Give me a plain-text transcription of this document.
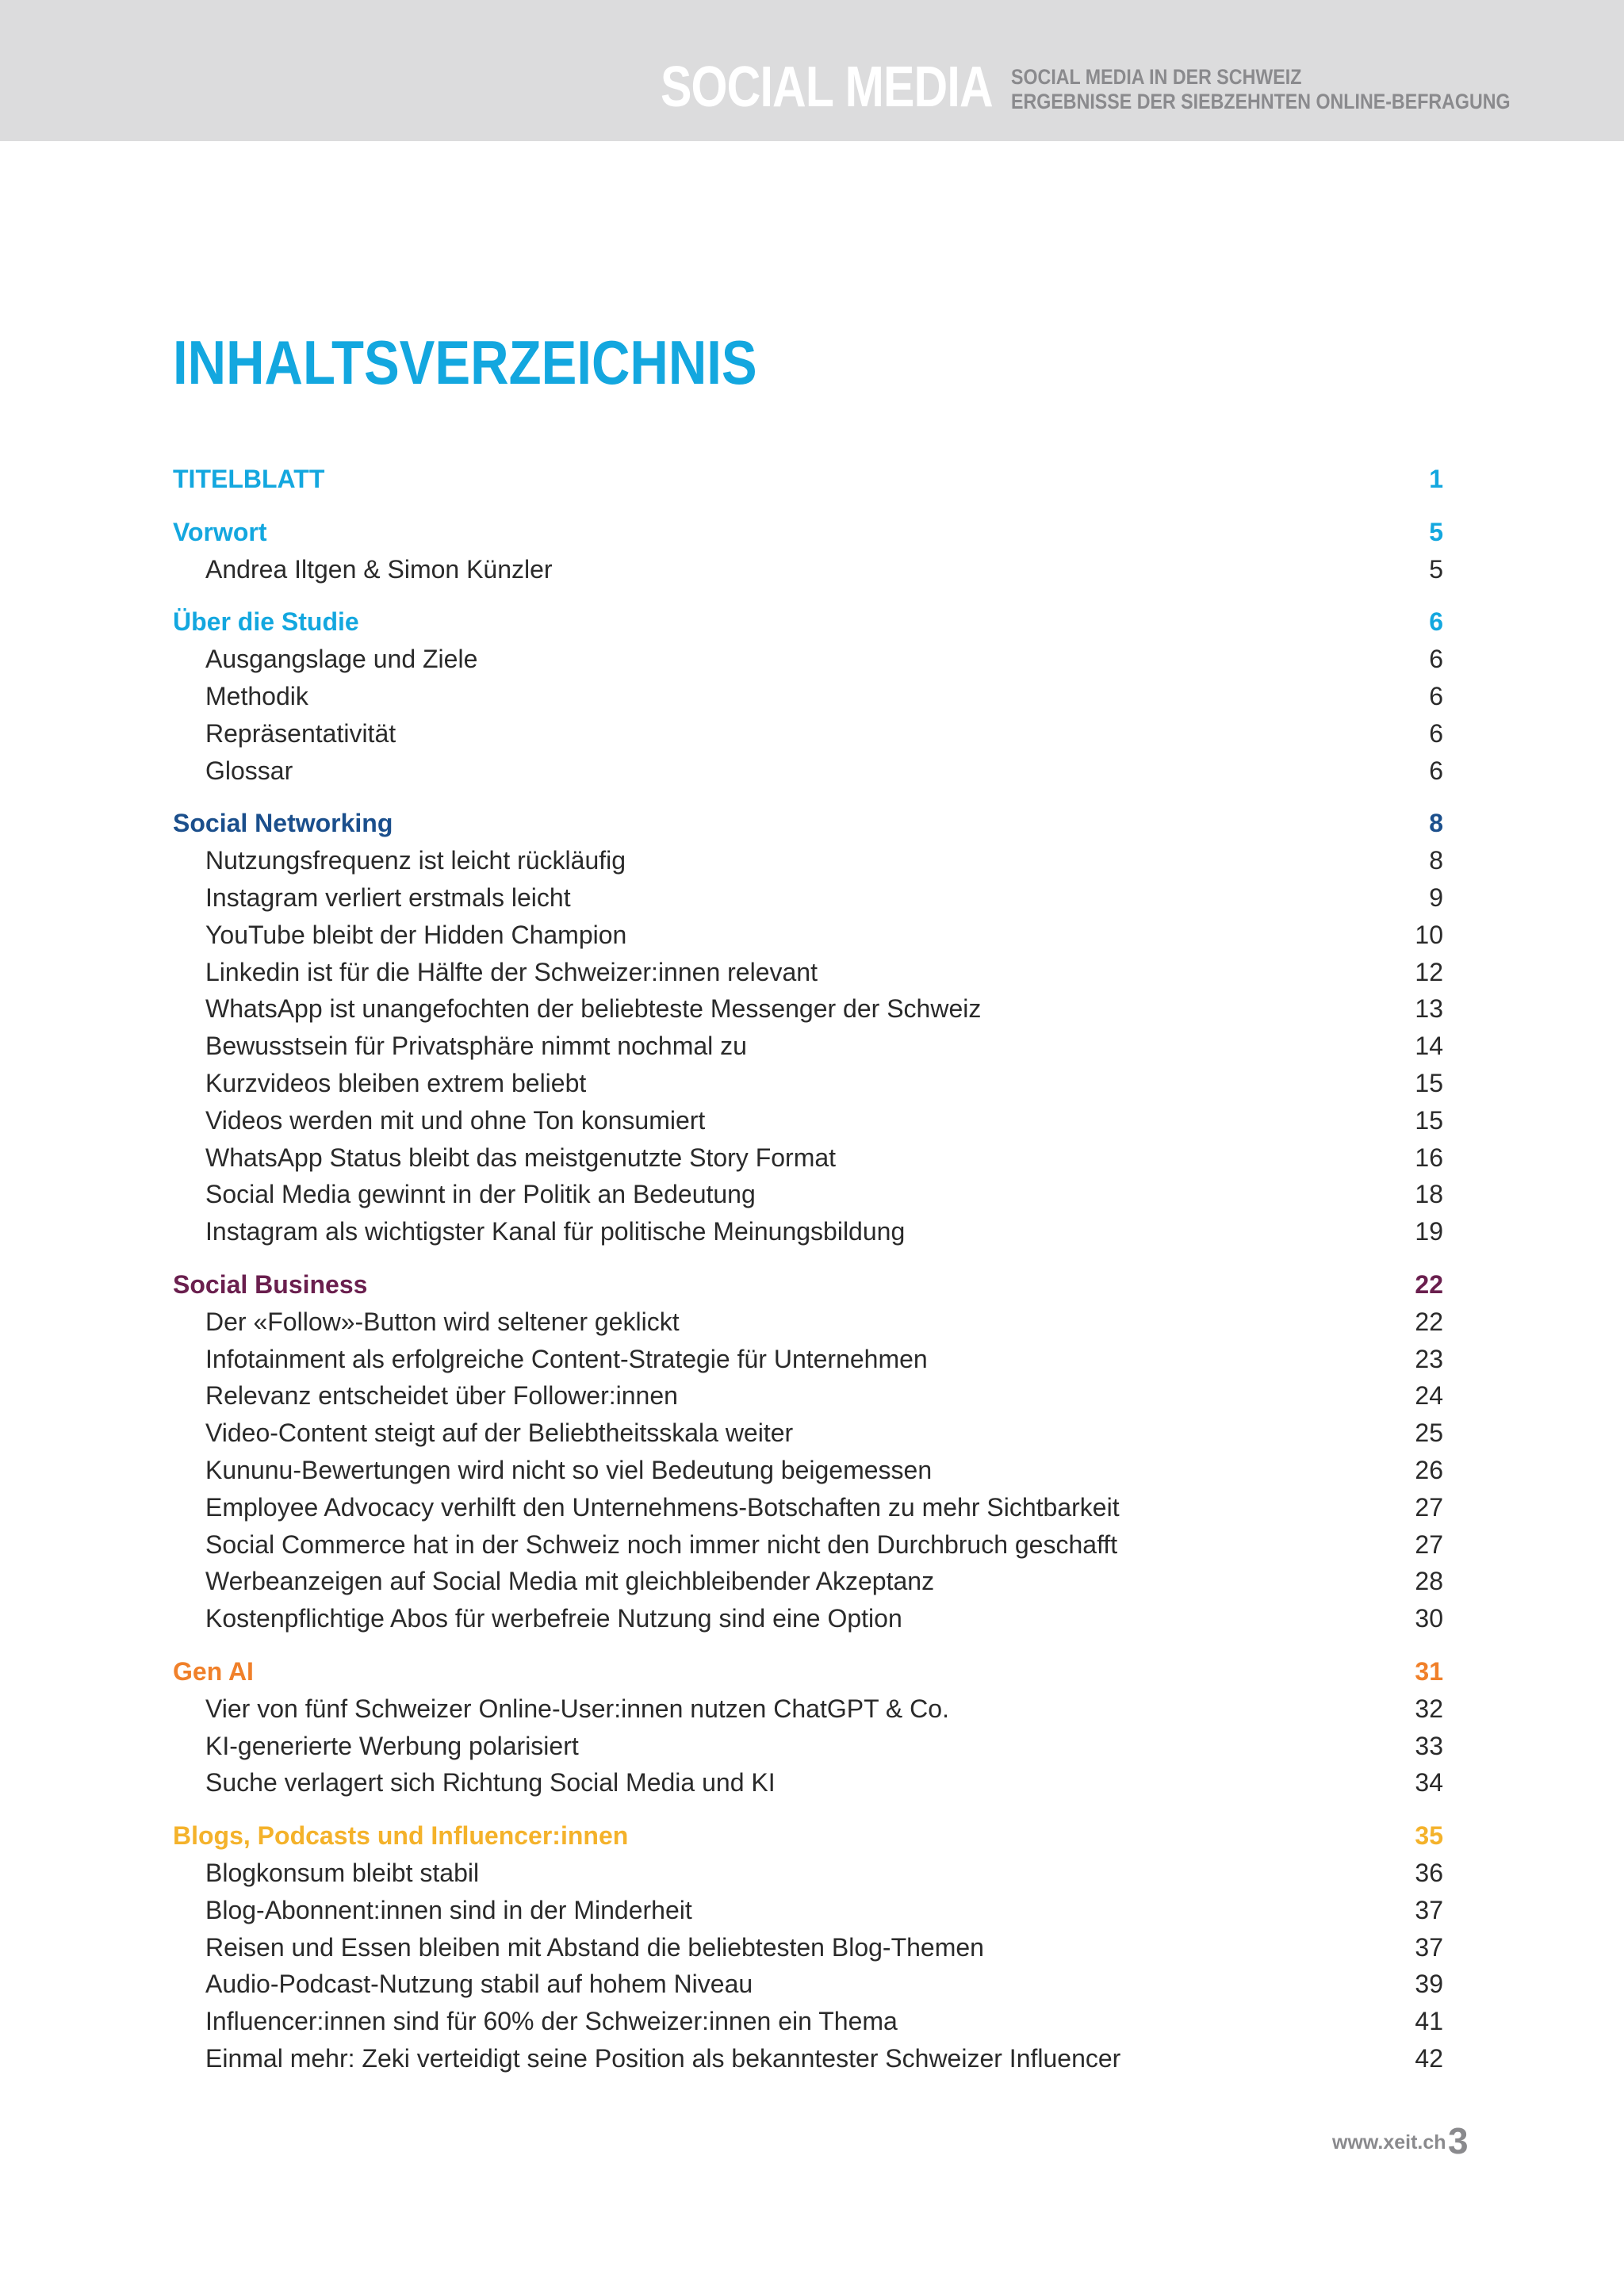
SOCIAL MEDIA SOCIAL MEDIA IN DER SCHWEIZ
ERGEBNISSE DER SIEBZEHNTEN ONLINE-BEFRAGUNG
INHALTSVERZEICHNIS
TITELBLATT	1
Vorwort	5
Andrea Iltgen & Simon Künzler	5
Über die Studie	6
Ausgangslage und Ziele	6
Methodik	6
Repräsentativität	6
Glossar	6
Social Networking	8
Nutzungsfrequenz ist leicht rückläufig	8
Instagram verliert erstmals leicht	9
YouTube bleibt der Hidden Champion	10
Linkedin ist für die Hälfte der Schweizer:innen relevant	12
WhatsApp ist unangefochten der beliebteste Messenger der Schweiz	13
Bewusstsein für Privatsphäre nimmt nochmal zu	14
Kurzvideos bleiben extrem beliebt	15
Videos werden mit und ohne Ton konsumiert	15
WhatsApp Status bleibt das meistgenutzte Story Format	16
Social Media gewinnt in der Politik an Bedeutung	18
Instagram als wichtigster Kanal für politische Meinungsbildung	19
Social Business	22
Der «Follow»-Button wird seltener geklickt	22
Infotainment als erfolgreiche Content-Strategie für Unternehmen	23
Relevanz entscheidet über Follower:innen	24
Video-Content steigt auf der Beliebtheitsskala weiter	25
Kununu-Bewertungen wird nicht so viel Bedeutung beigemessen	26
Employee Advocacy verhilft den Unternehmens-Botschaften zu mehr Sichtbarkeit	27
Social Commerce hat in der Schweiz noch immer nicht den Durchbruch geschafft	27
Werbeanzeigen auf Social Media mit gleichbleibender Akzeptanz	28
Kostenpflichtige Abos für werbefreie Nutzung sind eine Option	30
Gen AI	31
Vier von fünf Schweizer Online-User:innen nutzen ChatGPT & Co.	32
KI-generierte Werbung polarisiert	33
Suche verlagert sich Richtung Social Media und KI	34
Blogs, Podcasts und Influencer:innen	35
Blogkonsum bleibt stabil	36
Blog-Abonnent:innen sind in der Minderheit	37
Reisen und Essen bleiben mit Abstand die beliebtesten Blog-Themen	37
Audio-Podcast-Nutzung stabil auf hohem Niveau	39
Influencer:innen sind für 60% der Schweizer:innen ein Thema	41
Einmal mehr: Zeki verteidigt seine Position als bekanntester Schweizer Influencer	42
www.xeit.ch 3
